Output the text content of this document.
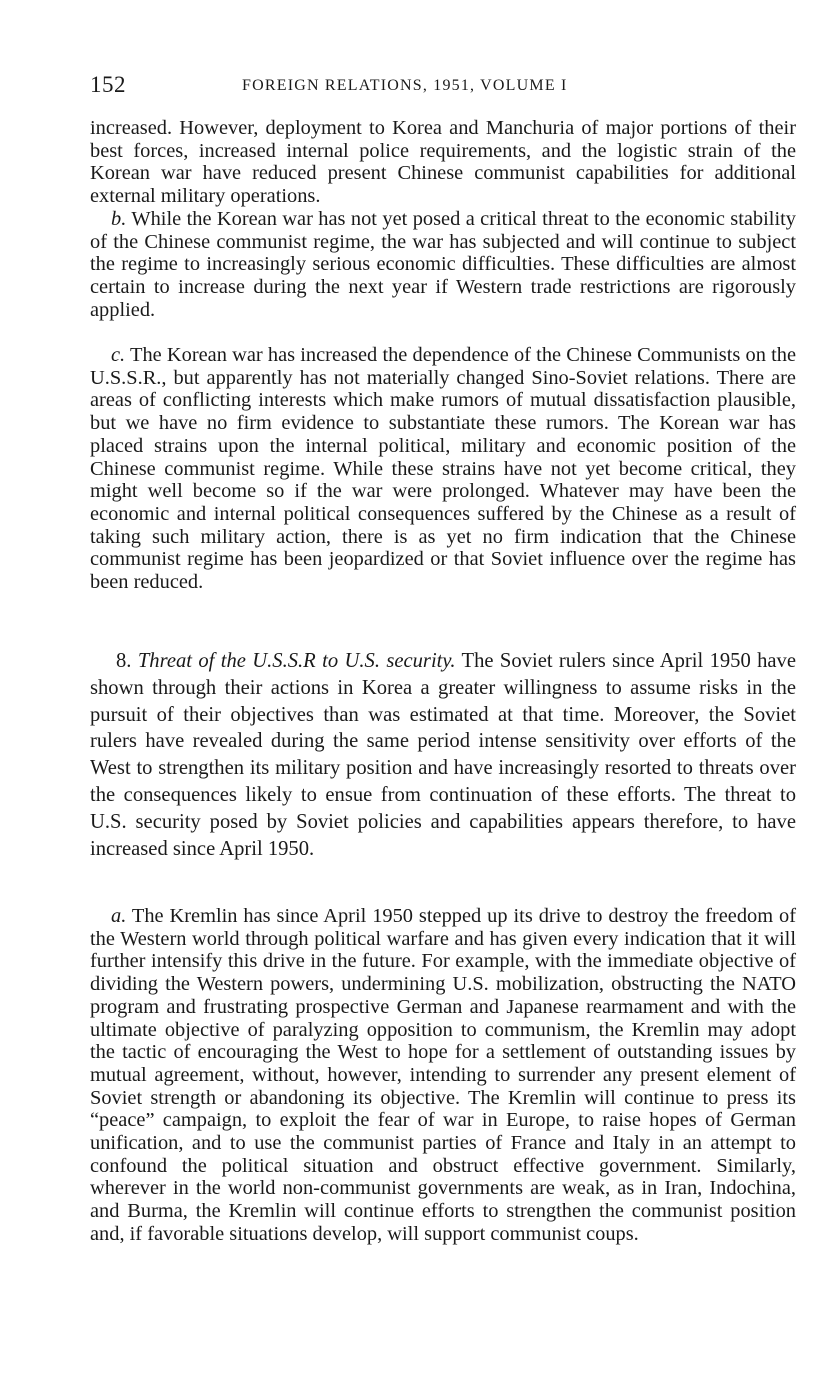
152	FOREIGN RELATIONS, 1951, VOLUME I

increased. However, deployment to Korea and Manchuria of major portions of their best forces, increased internal police requirements, and the logistic strain of the Korean war have reduced present Chinese communist capabilities for additional external military operations.

b. While the Korean war has not yet posed a critical threat to the economic stability of the Chinese communist regime, the war has subjected and will continue to subject the regime to increasingly serious economic difficulties. These difficulties are almost certain to increase during the next year if Western trade restrictions are rigorously applied.

c. The Korean war has increased the dependence of the Chinese Communists on the U.S.S.R., but apparently has not materially changed Sino-Soviet relations. There are areas of conflicting interests which make rumors of mutual dissatisfaction plausible, but we have no firm evidence to substantiate these rumors. The Korean war has placed strains upon the internal political, military and economic position of the Chinese communist regime. While these strains have not yet become critical, they might well become so if the war were prolonged. Whatever may have been the economic and internal political consequences suffered by the Chinese as a result of taking such military action, there is as yet no firm indication that the Chinese communist regime has been jeopardized or that Soviet influence over the regime has been reduced.

8. Threat of the U.S.S.R to U.S. security. The Soviet rulers since April 1950 have shown through their actions in Korea a greater willingness to assume risks in the pursuit of their objectives than was estimated at that time. Moreover, the Soviet rulers have revealed during the same period intense sensitivity over efforts of the West to strengthen its military position and have increasingly resorted to threats over the consequences likely to ensue from continuation of these efforts. The threat to U.S. security posed by Soviet policies and capabilities appears therefore, to have increased since April 1950.

a. The Kremlin has since April 1950 stepped up its drive to destroy the freedom of the Western world through political warfare and has given every indication that it will further intensify this drive in the future. For example, with the immediate objective of dividing the Western powers, undermining U.S. mobilization, obstructing the NATO program and frustrating prospective German and Japanese rearmament and with the ultimate objective of paralyzing opposition to communism, the Kremlin may adopt the tactic of encouraging the West to hope for a settlement of outstanding issues by mutual agreement, without, however, intending to surrender any present element of Soviet strength or abandoning its objective. The Kremlin will continue to press its “peace” campaign, to exploit the fear of war in Europe, to raise hopes of German unification, and to use the communist parties of France and Italy in an attempt to confound the political situation and obstruct effective government. Similarly, wherever in the world non-communist governments are weak, as in Iran, Indochina, and Burma, the Kremlin will continue efforts to strengthen the communist position and, if favorable situations develop, will support communist coups.
